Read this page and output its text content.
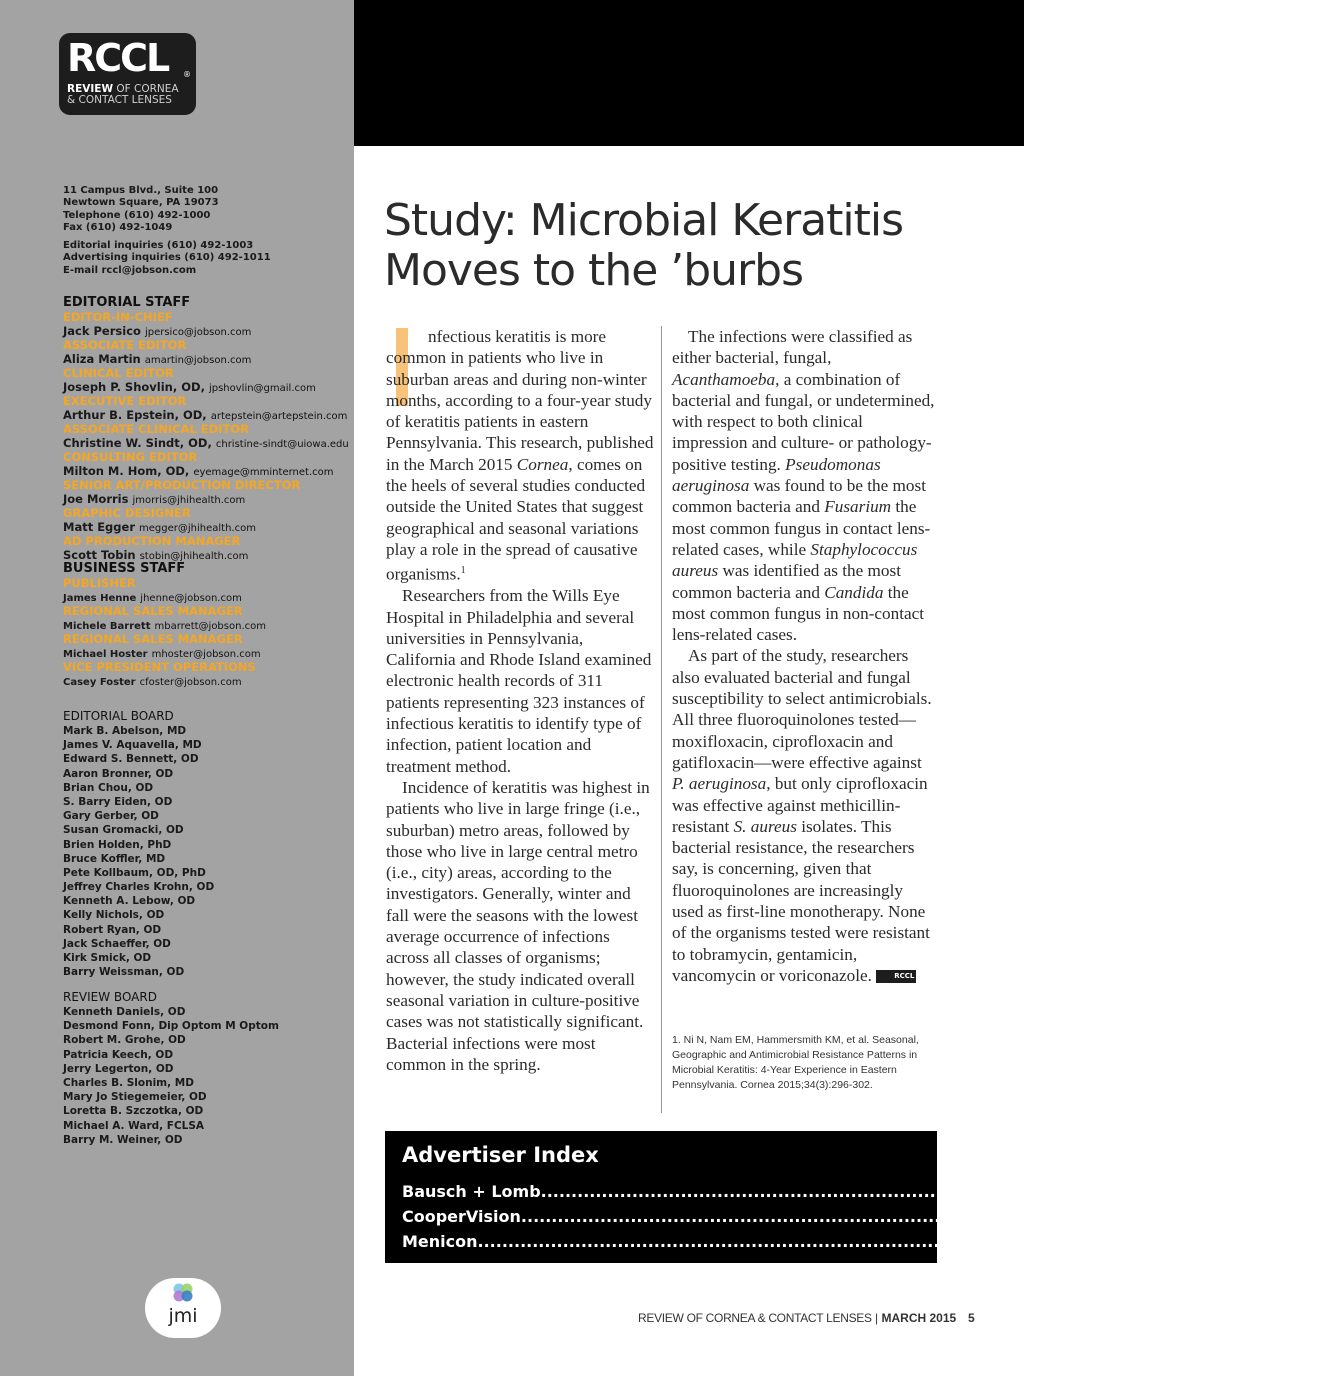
RCCL ®
REVIEW OF CORNEA
& CONTACT LENSES
11 Campus Blvd., Suite 100
Newtown Square, PA 19073
Telephone (610) 492-1000
Fax (610) 492-1049
Editorial inquiries (610) 492-1003
Advertising inquiries (610) 492-1011
E-mail rccl@jobson.com
EDITORIAL STAFF
EDITOR-IN-CHIEF
Jack Persico jpersico@jobson.com
ASSOCIATE EDITOR
Aliza Martin amartin@jobson.com
CLINICAL EDITOR
Joseph P. Shovlin, OD, jpshovlin@gmail.com
EXECUTIVE EDITOR
Arthur B. Epstein, OD, artepstein@artepstein.com
ASSOCIATE CLINICAL EDITOR
Christine W. Sindt, OD, christine-sindt@uiowa.edu
CONSULTING EDITOR
Milton M. Hom, OD, eyemage@mminternet.com
SENIOR ART/PRODUCTION DIRECTOR
Joe Morris jmorris@jhihealth.com
GRAPHIC DESIGNER
Matt Egger megger@jhihealth.com
AD PRODUCTION MANAGER
Scott Tobin stobin@jhihealth.com
BUSINESS STAFF
PUBLISHER
James Henne jhenne@jobson.com
REGIONAL SALES MANAGER
Michele Barrett mbarrett@jobson.com
REGIONAL SALES MANAGER
Michael Hoster mhoster@jobson.com
VICE PRESIDENT OPERATIONS
Casey Foster cfoster@jobson.com
EDITORIAL BOARD
Mark B. Abelson, MD
James V. Aquavella, MD
Edward S. Bennett, OD
Aaron Bronner, OD
Brian Chou, OD
S. Barry Eiden, OD
Gary Gerber, OD
Susan Gromacki, OD
Brien Holden, PhD
Bruce Koffler, MD
Pete Kollbaum, OD, PhD
Jeffrey Charles Krohn, OD
Kenneth A. Lebow, OD
Kelly Nichols, OD
Robert Ryan, OD
Jack Schaeffer, OD
Kirk Smick, OD
Barry Weissman, OD
REVIEW BOARD
Kenneth Daniels, OD
Desmond Fonn, Dip Optom M Optom
Robert M. Grohe, OD
Patricia Keech, OD
Jerry Legerton, OD
Charles B. Slonim, MD
Mary Jo Stiegemeier, OD
Loretta B. Szczotka, OD
Michael A. Ward, FCLSA
Barry M. Weiner, OD
jmi
Study: Microbial Keratitis
Moves to the ’burbs

nfectious keratitis is more common in patients who live in suburban areas and during non-winter months, according to a four-year study of keratitis patients in eastern Pennsylvania. This research, published in the March 2015 Cornea, comes on the heels of several studies conducted outside the United States that suggest geographical and seasonal variations play a role in the spread of causative organisms.$^1$

Researchers from the Wills Eye Hospital in Philadelphia and several universities in Pennsylvania, California and Rhode Island examined electronic health records of 311 patients representing 323 instances of infectious keratitis to identify type of infection, patient location and treatment method.

Incidence of keratitis was highest in patients who live in large fringe (i.e., suburban) metro areas, followed by those who live in large central metro (i.e., city) areas, according to the investigators. Generally, winter and fall were the seasons with the lowest average occurrence of infections across all classes of organisms; however, the study indicated overall seasonal variation in culture-positive cases was not statistically significant. Bacterial infections were most common in the spring.

The infections were classified as either bacterial, fungal, Acanthamoeba, a combination of bacterial and fungal, or undetermined, with respect to both clinical impression and culture- or pathology-positive testing. Pseudomonas aeruginosa was found to be the most common bacteria and Fusarium the most common fungus in contact lens-related cases, while Staphylococcus aureus was identified as the most common bacteria and Candida the most common fungus in non-contact lens-related cases.

As part of the study, researchers also evaluated bacterial and fungal susceptibility to select antimicrobials. All three fluoroquinolones tested—moxifloxacin, ciprofloxacin and gatifloxacin—were effective against P. aeruginosa, but only ciprofloxacin was effective against methicillin-resistant S. aureus isolates. This bacterial resistance, the researchers say, is concerning, given that fluoroquinolones are increasingly used as first-line monotherapy. None of the organisms tested were resistant to tobramycin, gentamicin, vancomycin or voriconazole.	RCCL

1. Ni N, Nam EM, Hammersmith KM, et al. Seasonal, Geographic and Antimicrobial Resistance Patterns in Microbial Keratitis: 4-Year Experience in Eastern Pennsylvania. Cornea 2015;34(3):296-302.
Advertiser Index
Bausch + Lomb .............................................................................................................. Page 22
CooperVision .............................................................................................................. Cover 2, Cover 3
Menicon .............................................................................................................. Cover 4
REVIEW OF CORNEA & CONTACT LENSES | MARCH 2015 5
